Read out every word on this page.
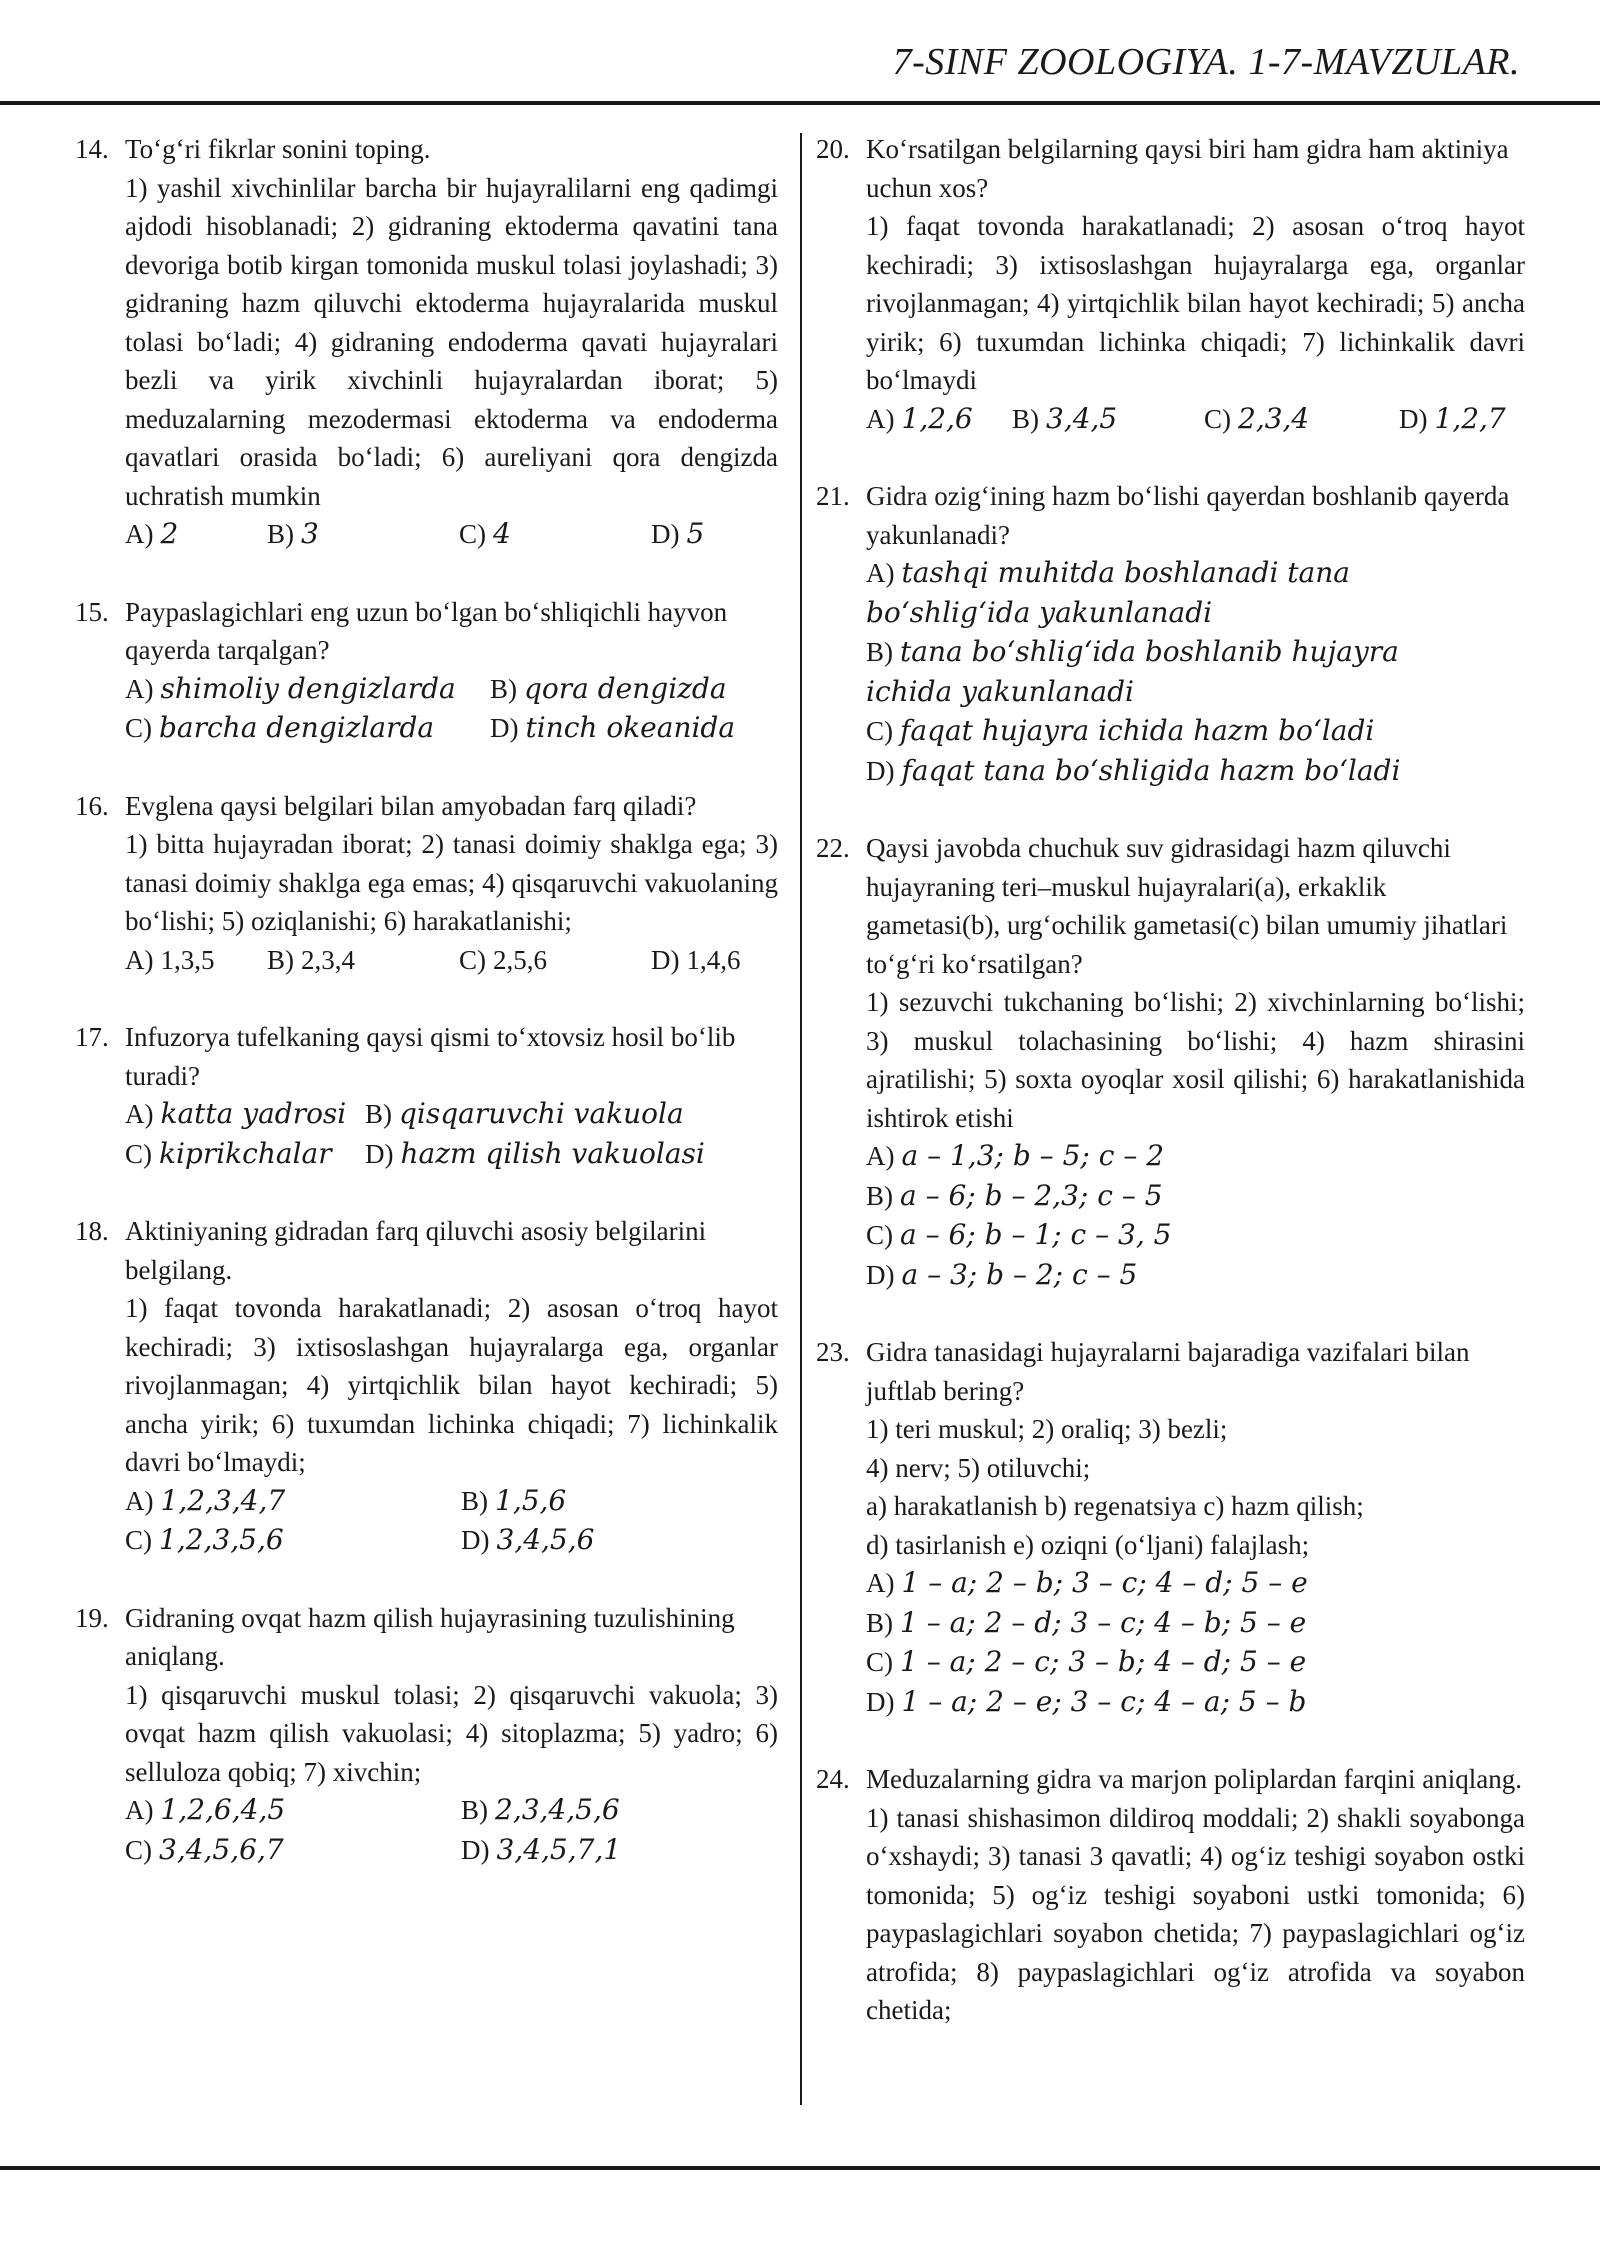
7-SINF ZOOLOGIYA. 1-7-MAVZULAR.
14. To‘g‘ri fikrlar sonini toping.

1) yashil xivchinlilar barcha bir hujayralilarni eng qadimgi ajdodi hisoblanadi; 2) gidraning ektoderma qavatini tana devoriga botib kirgan tomonida muskul tolasi joylashadi; 3) gidraning hazm qiluvchi ektoderma hujayralarida muskul tolasi bo‘ladi; 4) gidraning endoderma qavati hujayralari bezli va yirik xivchinli hujayralardan iborat; 5) meduzalarning mezodermasi ektoderma va endoderma qavatlari orasida bo‘ladi; 6) aureliyani qora dengizda uchratish mumkin

A) 2	B) 3	C) 4	D) 5
15. Paypaslagichlari eng uzun bo‘lgan bo‘shliqichli hayvon qayerda tarqalgan?

A) shimoliy dengizlarda B) qora dengizda
C) barcha dengizlarda D) tinch okeanida
16. Evglena qaysi belgilari bilan amyobadan farq qiladi?

1) bitta hujayradan iborat; 2) tanasi doimiy shaklga ega; 3) tanasi doimiy shaklga ega emas; 4) qisqaruvchi vakuolaning bo‘lishi; 5) oziqlanishi; 6) harakatlanishi;

A) 1,3,5	B) 2,3,4	C) 2,5,6	D) 1,4,6
17. Infuzorya tufelkaning qaysi qismi to‘xtovsiz hosil bo‘lib turadi?

A) katta yadrosi B) qisqaruvchi vakuola
C) kiprikchalar D) hazm qilish vakuolasi
18. Aktiniyaning gidradan farq qiluvchi asosiy belgilarini belgilang.

1) faqat tovonda harakatlanadi; 2) asosan o‘troq hayot kechiradi; 3) ixtisoslashgan hujayralarga ega, organlar rivojlanmagan; 4) yirtqichlik bilan hayot kechiradi; 5) ancha yirik; 6) tuxumdan lichinka chiqadi; 7) lichinkalik davri bo‘lmaydi;

A) 1,2,3,4,7	B) 1,5,6
C) 1,2,3,5,6	D) 3,4,5,6
19. Gidraning ovqat hazm qilish hujayrasining tuzulishining aniqlang.

1) qisqaruvchi muskul tolasi; 2) qisqaruvchi vakuola; 3) ovqat hazm qilish vakuolasi; 4) sitoplazma; 5) yadro; 6) selluloza qobiq; 7) xivchin;

A) 1,2,6,4,5	B) 2,3,4,5,6
C) 3,4,5,6,7	D) 3,4,5,7,1
20. Ko‘rsatilgan belgilarning qaysi biri ham gidra ham aktiniya uchun xos?

1) faqat tovonda harakatlanadi; 2) asosan o‘troq hayot kechiradi; 3) ixtisoslashgan hujayralarga ega, organlar rivojlanmagan; 4) yirtqichlik bilan hayot kechiradi; 5) ancha yirik; 6) tuxumdan lichinka chiqadi; 7) lichinkalik davri bo‘lmaydi

A) 1,2,6	B) 3,4,5	C) 2,3,4	D) 1,2,7
21. Gidra ozig‘ining hazm bo‘lishi qayerdan boshlanib qayerda yakunlanadi?

A) tashqi muhitda boshlanadi tana bo‘shlig‘ida yakunlanadi
B) tana bo‘shlig‘ida boshlanib hujayra ichida yakunlanadi
C) faqat hujayra ichida hazm bo‘ladi
D) faqat tana bo‘shligida hazm bo‘ladi
22. Qaysi javobda chuchuk suv gidrasidagi hazm qiluvchi hujayraning teri–muskul hujayralari(a), erkaklik gametasi(b), urg‘ochilik gametasi(c) bilan umumiy jihatlari to‘g‘ri ko‘rsatilgan?

1) sezuvchi tukchaning bo‘lishi; 2) xivchinlarning bo‘lishi; 3) muskul tolachasining bo‘lishi; 4) hazm shirasini ajratilishi; 5) soxta oyoqlar xosil qilishi; 6) harakatlanishida ishtirok etishi

A) a – 1,3; b – 5; c – 2
B) a – 6; b – 2,3; c – 5
C) a – 6; b – 1; c – 3, 5
D) a – 3; b – 2; c – 5
23. Gidra tanasidagi hujayralarni bajaradiga vazifalari bilan juftlab bering?

1) teri muskul; 2) oraliq; 3) bezli;

4) nerv; 5) otiluvchi;

a) harakatlanish b) regenatsiya c) hazm qilish;

d) tasirlanish e) oziqni (o‘ljani) falajlash;

A) 1 – a; 2 – b; 3 – c; 4 – d; 5 – e
B) 1 – a; 2 – d; 3 – c; 4 – b; 5 – e
C) 1 – a; 2 – c; 3 – b; 4 – d; 5 – e
D) 1 – a; 2 – e; 3 – c; 4 – a; 5 – b
24. Meduzalarning gidra va marjon poliplardan farqini aniqlang.

1) tanasi shishasimon dildiroq moddali; 2) shakli soyabonga o‘xshaydi; 3) tanasi 3 qavatli; 4) og‘iz teshigi soyabon ostki tomonida; 5) og‘iz teshigi soyaboni ustki tomonida; 6) paypaslagichlari soyabon chetida; 7) paypaslagichlari og‘iz atrofida; 8) paypaslagichlari og‘iz atrofida va soyabon chetida;
